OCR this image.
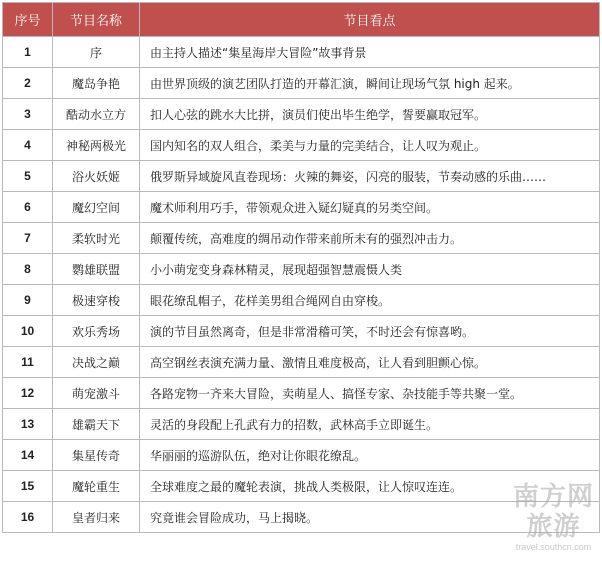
序号	节目名称	节目看点
1	序	由主持人描述“集星海岸大冒险”故事背景
2	魔岛争艳	由世界顶级的演艺团队打造的开幕汇演，瞬间让现场气氛 high 起来。
3	酷动水立方	扣人心弦的跳水大比拼，演员们使出毕生绝学，誓要赢取冠军。
4	神秘两极光	国内知名的双人组合，柔美与力量的完美结合，让人叹为观止。
5	浴火妖姬	俄罗斯异域旋风直卷现场：火辣的舞姿，闪亮的服装，节奏动感的乐曲……
6	魔幻空间	魔术师利用巧手，带领观众进入疑幻疑真的另类空间。
7	柔软时光	颠覆传统，高难度的绸吊动作带来前所未有的强烈冲击力。
8	鹦雄联盟	小小萌宠变身森林精灵，展现超强智慧震慑人类
9	极速穿梭	眼花缭乱帽子，花样美男组合绳网自由穿梭。
10	欢乐秀场	演的节目虽然离奇，但是非常滑稽可笑，不时还会有惊喜哟。
11	决战之巅	高空钢丝表演充满力量、激情且难度极高，让人看到胆颤心惊。
12	萌宠激斗	各路宠物一齐来大冒险，卖萌星人、搞怪专家、杂技能手等共聚一堂。
13	雄霸天下	灵活的身段配上孔武有力的招数，武林高手立即诞生。
14	集星传奇	华丽丽的巡游队伍，绝对让你眼花缭乱。
15	魔轮重生	全球难度之最的魔轮表演，挑战人类极限，让人惊叹连连。
16	皇者归来	究竟谁会冒险成功，马上揭晓。
南方网
旅游
travel.southcn.com
